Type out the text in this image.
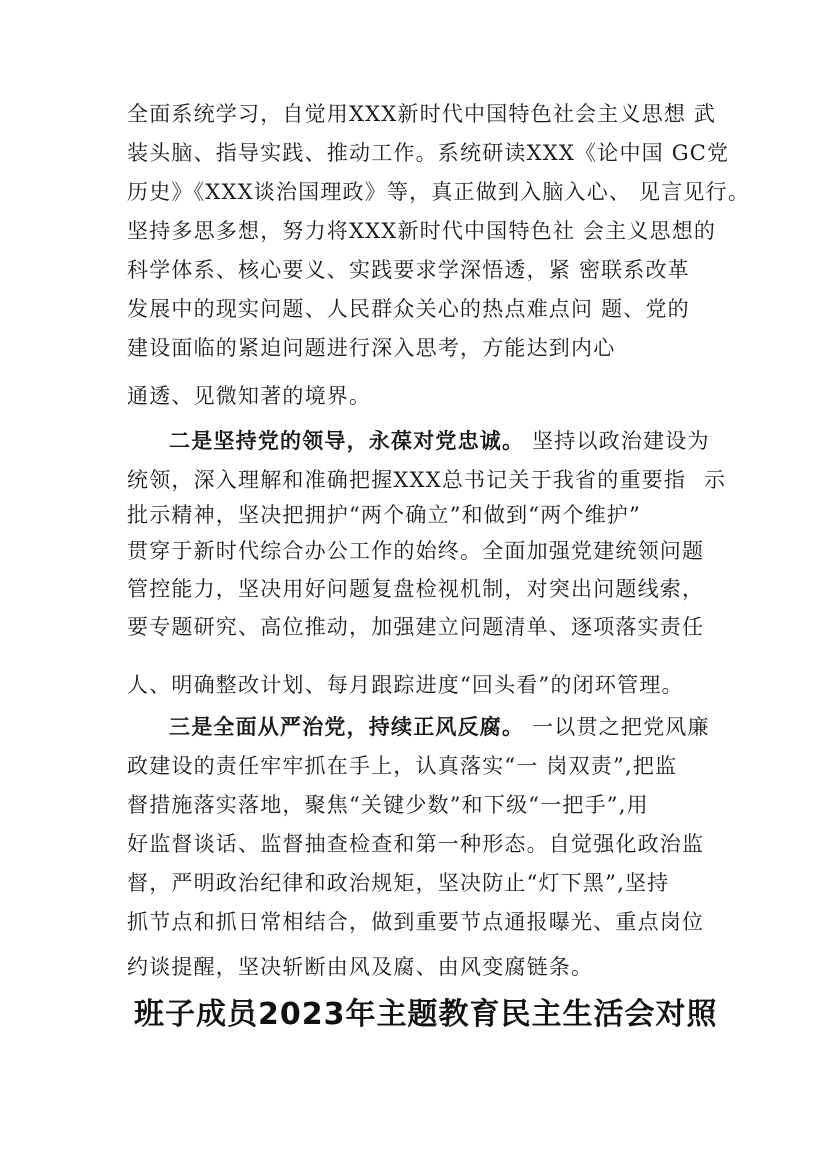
全面系统学习，自觉用XXX新时代中国特色社会主义思想 武
装头脑、指导实践、推动工作。系统研读XXX《论中国 GC党
历史》《XXX谈治国理政》等，真正做到入脑入心、 见言见行。
坚持多思多想，努力将XXX新时代中国特色社 会主义思想的
科学体系、核心要义、实践要求学深悟透，紧 密联系改革
发展中的现实问题、人民群众关心的热点难点问 题、党的
建设面临的紧迫问题进行深入思考，方能达到内心
通透、见微知著的境界。
二是坚持党的领导，永葆对党忠诚。 坚持以政治建设为
统领，深入理解和准确把握XXX总书记关于我省的重要指 示
批示精神，坚决把拥护“两个确立”和做到“两个维护”
贯穿于新时代综合办公工作的始终。全面加强党建统领问题
管控能力，坚决用好问题复盘检视机制，对突出问题线索，
要专题研究、高位推动，加强建立问题清单、逐项落实责任
人、明确整改计划、每月跟踪进度“回头看”的闭环管理。
三是全面从严治党，持续正风反腐。 一以贯之把党风廉
政建设的责任牢牢抓在手上，认真落实“一 岗双责”,把监
督措施落实落地，聚焦“关键少数”和下级“一把手”,用
好监督谈话、监督抽查检查和第一种形态。自觉强化政治监
督，严明政治纪律和政治规矩，坚决防止“灯下黑”,坚持
抓节点和抓日常相结合，做到重要节点通报曝光、重点岗位
约谈提醒，坚决斩断由风及腐、由风变腐链条。
班子成员2023年主题教育民主生活会对照
